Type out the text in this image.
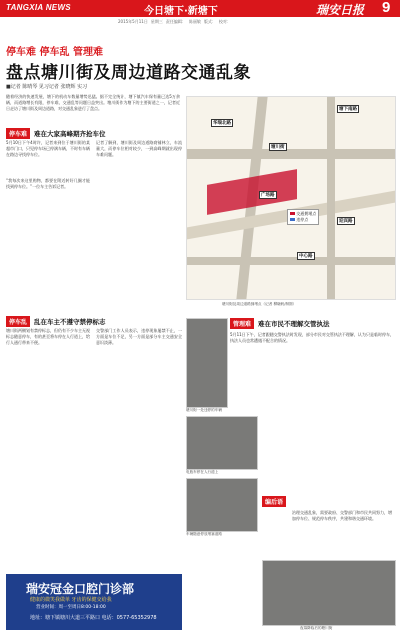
TANGXIA NEWS	今日塘下·新塘下	瑞安日报 9
2015年5月11日 星期三 责任编辑： 陈丽敏 版式： 校对：
停车难 停车乱 管理难
盘点塘川街及周边道路交通乱象
■记者 陈晴琴 见习记者 张晓辉 实习
随着经济的快速发展，塘下的机动车数量增势迅猛。据不完全统计，塘下镇汽车保有量已达5万余辆，而道路增长有限，停车难、交通乱等问题日益突出。塘川街作为塘下的主要街道之一，记者近日走访了塘川街及周边道路，对交通乱象进行了盘点。
停车难	难在大家高峰期齐抢车位
5月10日下午4时许，记者来到位于塘川街的某超市门口，只见停车场已停满车辆，不时有车辆在路边寻找停车位。
“我每次来这里购物，都要在附近转好几圈才能找到停车位。”一位车主告诉记者。
记者了解到，塘川街及周边道路商铺林立，车流量大，而停车位相对较少，一到高峰期就出现停车难问题。
华瑞北路
塘川街
广场路
中心路
塘下南路
迎宾路
交通拥堵点
违停点
塘川街及周边道路拥堵点（记者 柳晓帆/制图）
停车乱	乱在车主不遵守禁停标志
塘川街两侧划有禁停标志，但仍有不少车主无视标志随意停车，有的甚至将车停在人行道上，给行人通行带来不便。
交警部门工作人员表示，违停现象屡禁不止，一方面是车位不足，另一方面是部分车主交通安全意识淡薄。
管理难	难在市民不理解交管执法
5月11日下午，记者跟随交警执法时发现，部分市民对交管执法不理解，认为只是临时停车，执法人员也常遭遇不配合的情况。
塘川街一处违停的车辆
电瓶车停在人行道上
车辆随意停放堵塞道路
夜幕降临后的塘川街
编后语
治理交通乱象，需要政府、交警部门和市民共同努力，增加停车位、规范停车秩序，共建和谐交通环境。
瑞安冠金口腔门诊部
健康的微笑我做单 牙齿的保健交给我
营业时间：周一至周日8:00-18:00
地址：塘下镇塘川大道三平路口 电话：0577-65352978
